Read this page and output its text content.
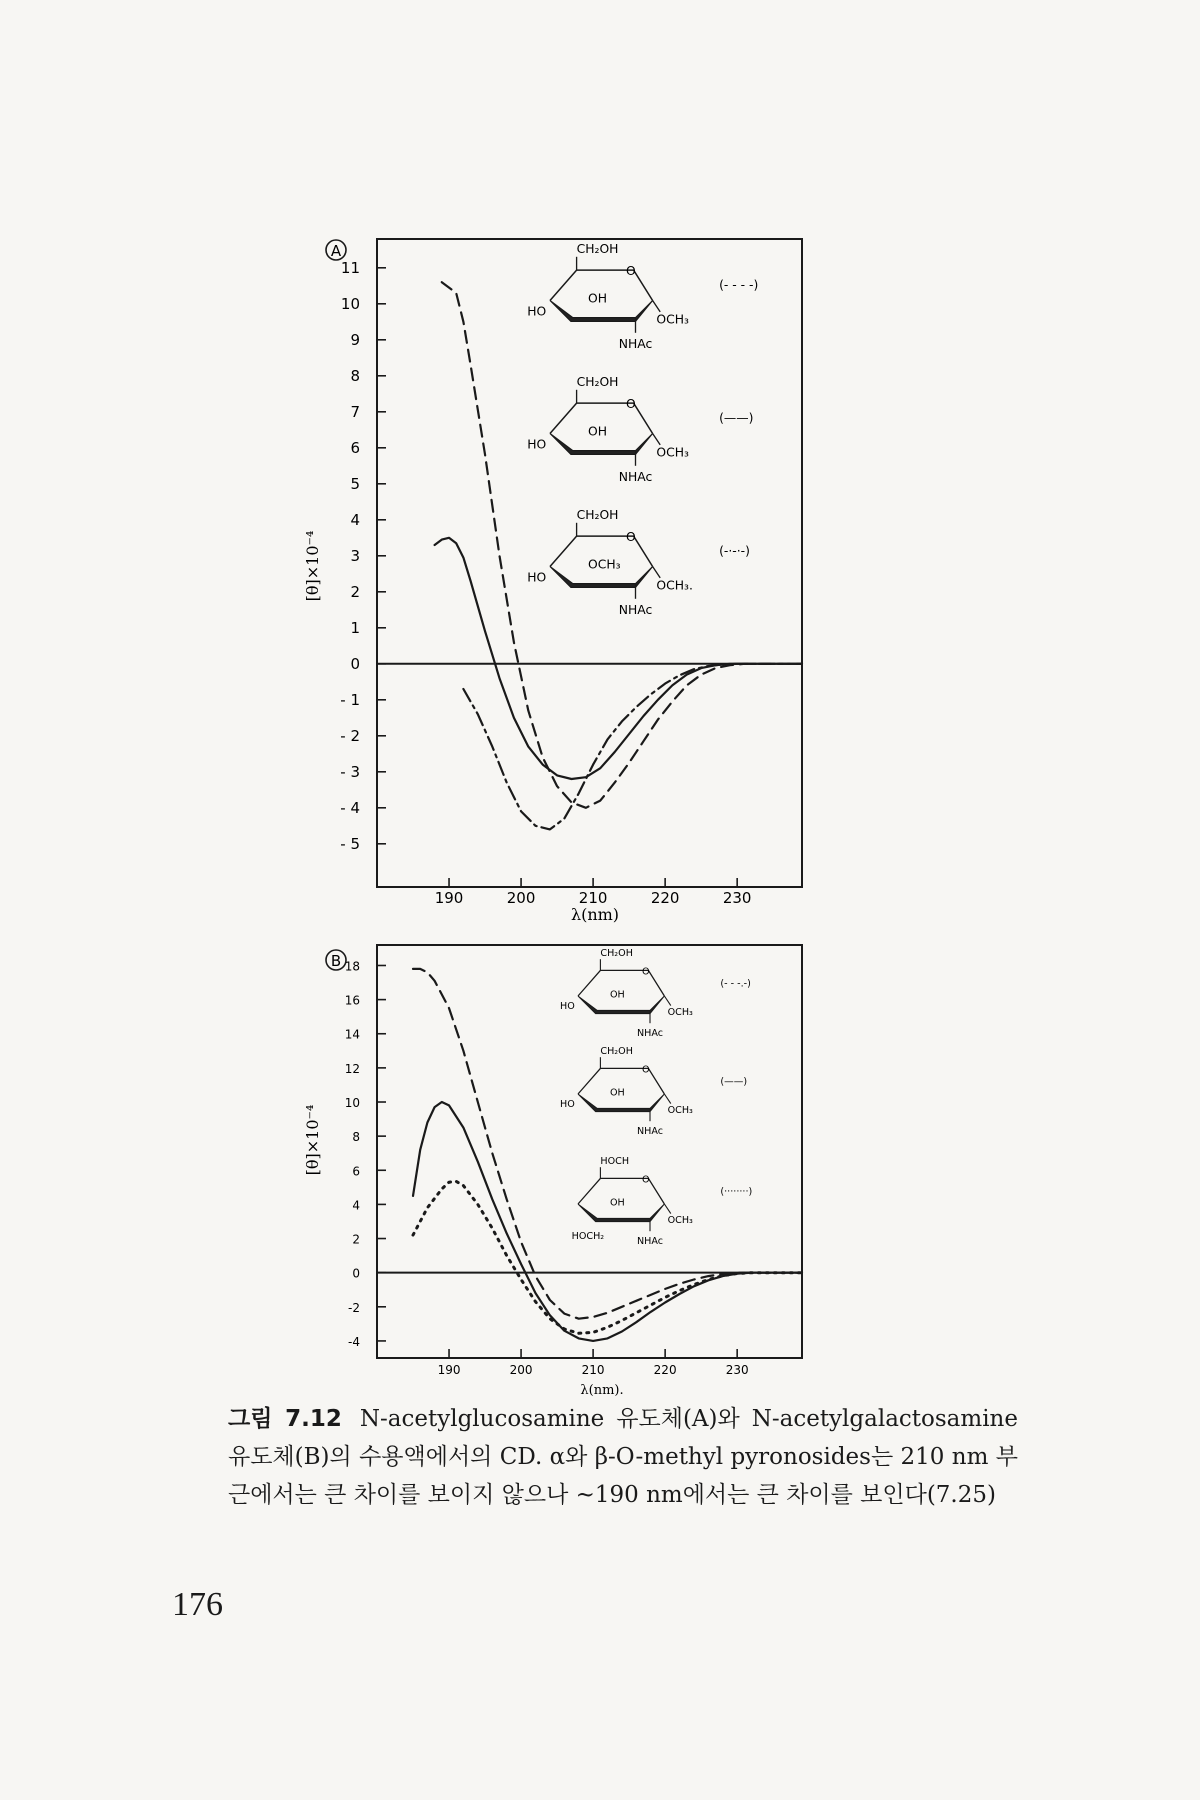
A
11
10
9
8
7
6
5
4
3
2
1
0
- 1
- 2
- 3
- 4
- 5
190	200	210	220	230
[θ]×10⁻⁴
λ(nm)
CH₂OH
O
OH
HO
OCH₃
NHAc
(- - - -)
CH₂OH
O
OH
HO
OCH₃
NHAc
(——)
CH₂OH
O
OCH₃
HO
OCH₃.
NHAc
(-·-·-)
B 18
16
14
12
10
8
6
4
2
0
-2
-4
190	200	210	220	230
[θ]×10⁻⁴
λ(nm).
CH₂OH
O
OH
HO
OCH₃
NHAc
(- - -.-)
CH₂OH
O
OH
HO
OCH₃
NHAc
(——)
HOCH
HOCH₂
O
OH
OCH₃
NHAc
(········)
그림 7.12 N-acetylglucosamine 유도체(A)와 N-acetylgalactosamine 유도체(B)의 수용액에서의 CD. α와 β-O-methyl pyronosides는 210 nm 부근에서는 큰 차이를 보이지 않으나 ~190 nm에서는 큰 차이를 보인다(7.25)
176
